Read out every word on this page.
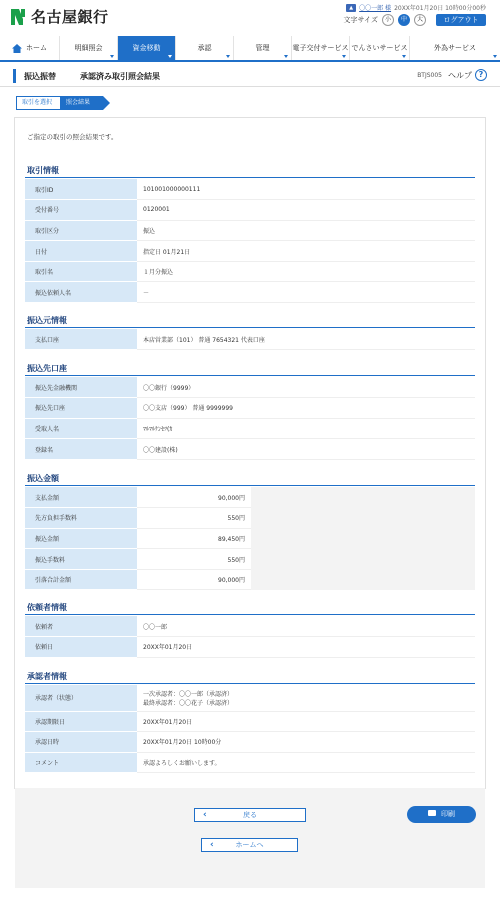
名古屋銀行
▲	〇〇一郎 様 20XX年01月20日 10時00分00秒
文字サイズ	小	中	大	ログアウト
ホーム	明細照会	資金移動	承認	管理	電子交付サービス でんさいサービス	外為サービス
振込振替	承認済み取引照会結果	BTJS005 ヘルプ ?
取引を選択	照会結果
ご指定の取引の照会結果です。
取引情報
取引ID	101001000000111
受付番号	0120001
取引区分	振込
日付	指定日 01月21日
取引名	１月分振込
振込依頼人名	－
振込元情報
支払口座	本店営業部（101） 普通 7654321 代表口座
振込先口座
振込先金融機関	〇〇銀行（9999）
振込先口座	〇〇支店（999） 普通 9999999
受取人名	ﾏﾙﾏﾙｹﾝｾﾂ(ｶ
登録名	〇〇建設(株)
振込金額
支払金額	90,000円	
先方負担手数料	550円	
振込金額	89,450円	
振込手数料	550円	
引落合計金額	90,000円	
依頼者情報
依頼者	〇〇一郎
依頼日	20XX年01月20日
承認者情報
承認者（状態）	一次承認者：〇〇一郎（承認済）
最終承認者：〇〇花子（承認済）

承認期限日	20XX年01月20日
承認日時	20XX年01月20日 10時00分
コメント	承認よろしくお願いします。
‹	戻る	印刷
‹	ホームへ
